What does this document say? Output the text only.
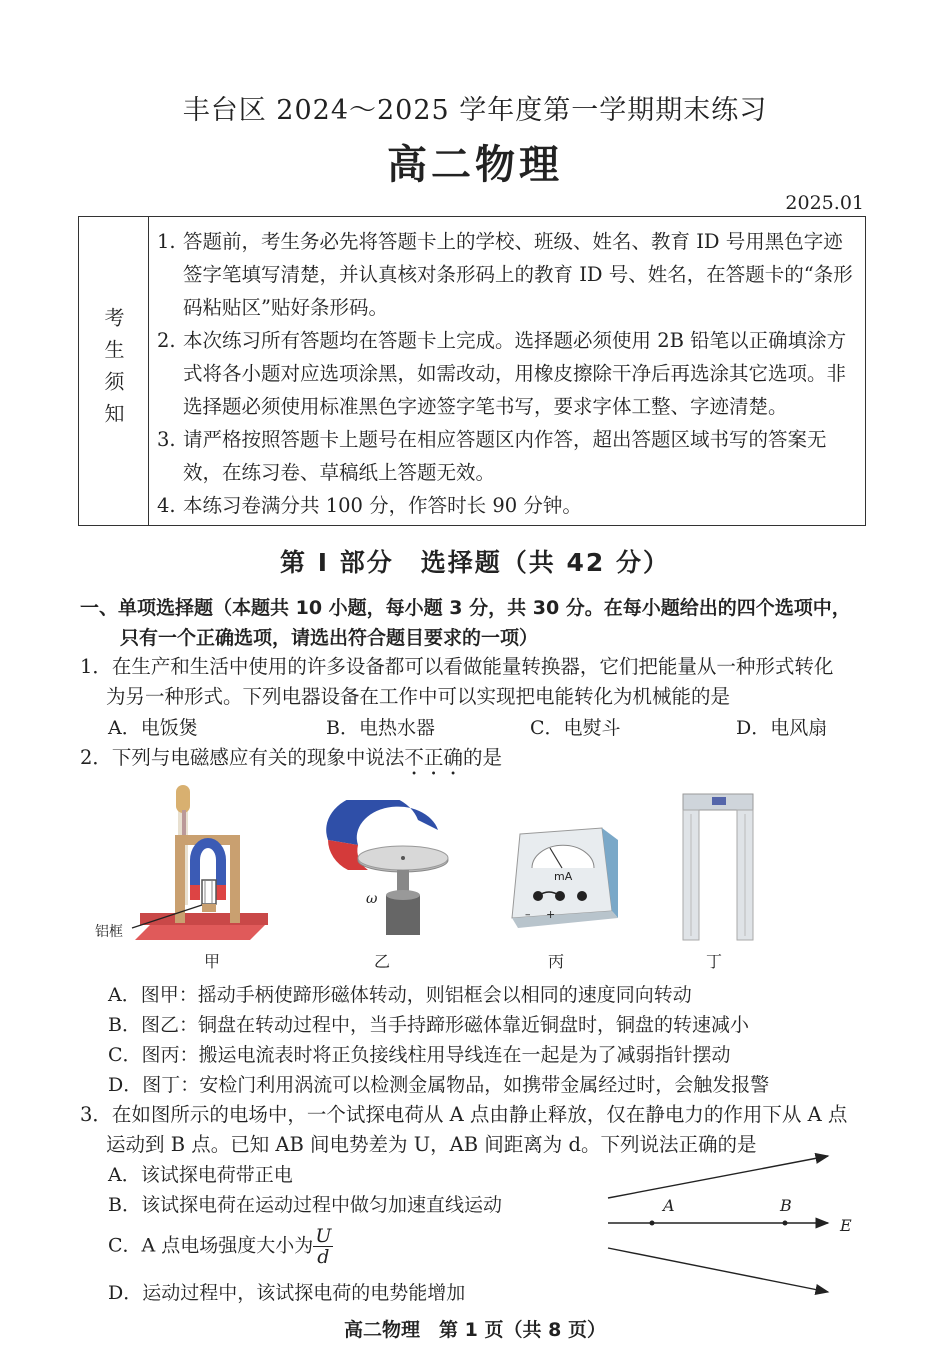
丰台区 2024～2025 学年度第一学期期末练习
高二物理
2025.01
考生须知
1. 答题前，考生务必先将答题卡上的学校、班级、姓名、教育 ID 号用黑色字迹签字笔填写清楚，并认真核对条形码上的教育 ID 号、姓名，在答题卡的“条形码粘贴区”贴好条形码。
2. 本次练习所有答题均在答题卡上完成。选择题必须使用 2B 铅笔以正确填涂方式将各小题对应选项涂黑，如需改动，用橡皮擦除干净后再选涂其它选项。非选择题必须使用标准黑色字迹签字笔书写，要求字体工整、字迹清楚。
3. 请严格按照答题卡上题号在相应答题区内作答，超出答题区域书写的答案无效，在练习卷、草稿纸上答题无效。
4. 本练习卷满分共 100 分，作答时长 90 分钟。
第 I 部分　选择题（共 42 分）
一、单项选择题（本题共 10 小题，每小题 3 分，共 30 分。在每小题给出的四个选项中，
只有一个正确选项，请选出符合题目要求的一项）
1．在生产和生活中使用的许多设备都可以看做能量转换器，它们把能量从一种形式转化
为另一种形式。下列电器设备在工作中可以实现把电能转化为机械能的是
A．电饭煲	B．电热水器	C．电熨斗	D．电风扇
2．下列与电磁感应有关的现象中说法不正确的是
铝框
ω
mA
– +
甲	乙	丙	丁
A．图甲：摇动手柄使蹄形磁体转动，则铝框会以相同的速度同向转动
B．图乙：铜盘在转动过程中，当手持蹄形磁体靠近铜盘时，铜盘的转速减小
C．图丙：搬运电流表时将正负接线柱用导线连在一起是为了减弱指针摆动
D．图丁：安检门利用涡流可以检测金属物品，如携带金属经过时，会触发报警
3．在如图所示的电场中，一个试探电荷从 A 点由静止释放，仅在静电力的作用下从 A 点
运动到 B 点。已知 AB 间电势差为 U，AB 间距离为 d。下列说法正确的是
A．该试探电荷带正电
B．该试探电荷在运动过程中做匀加速直线运动
C．A 点电场强度大小为 $\frac{U}{d}$
D．运动过程中，该试探电荷的电势能增加
A	B
E
高二物理　第 1 页（共 8 页）
